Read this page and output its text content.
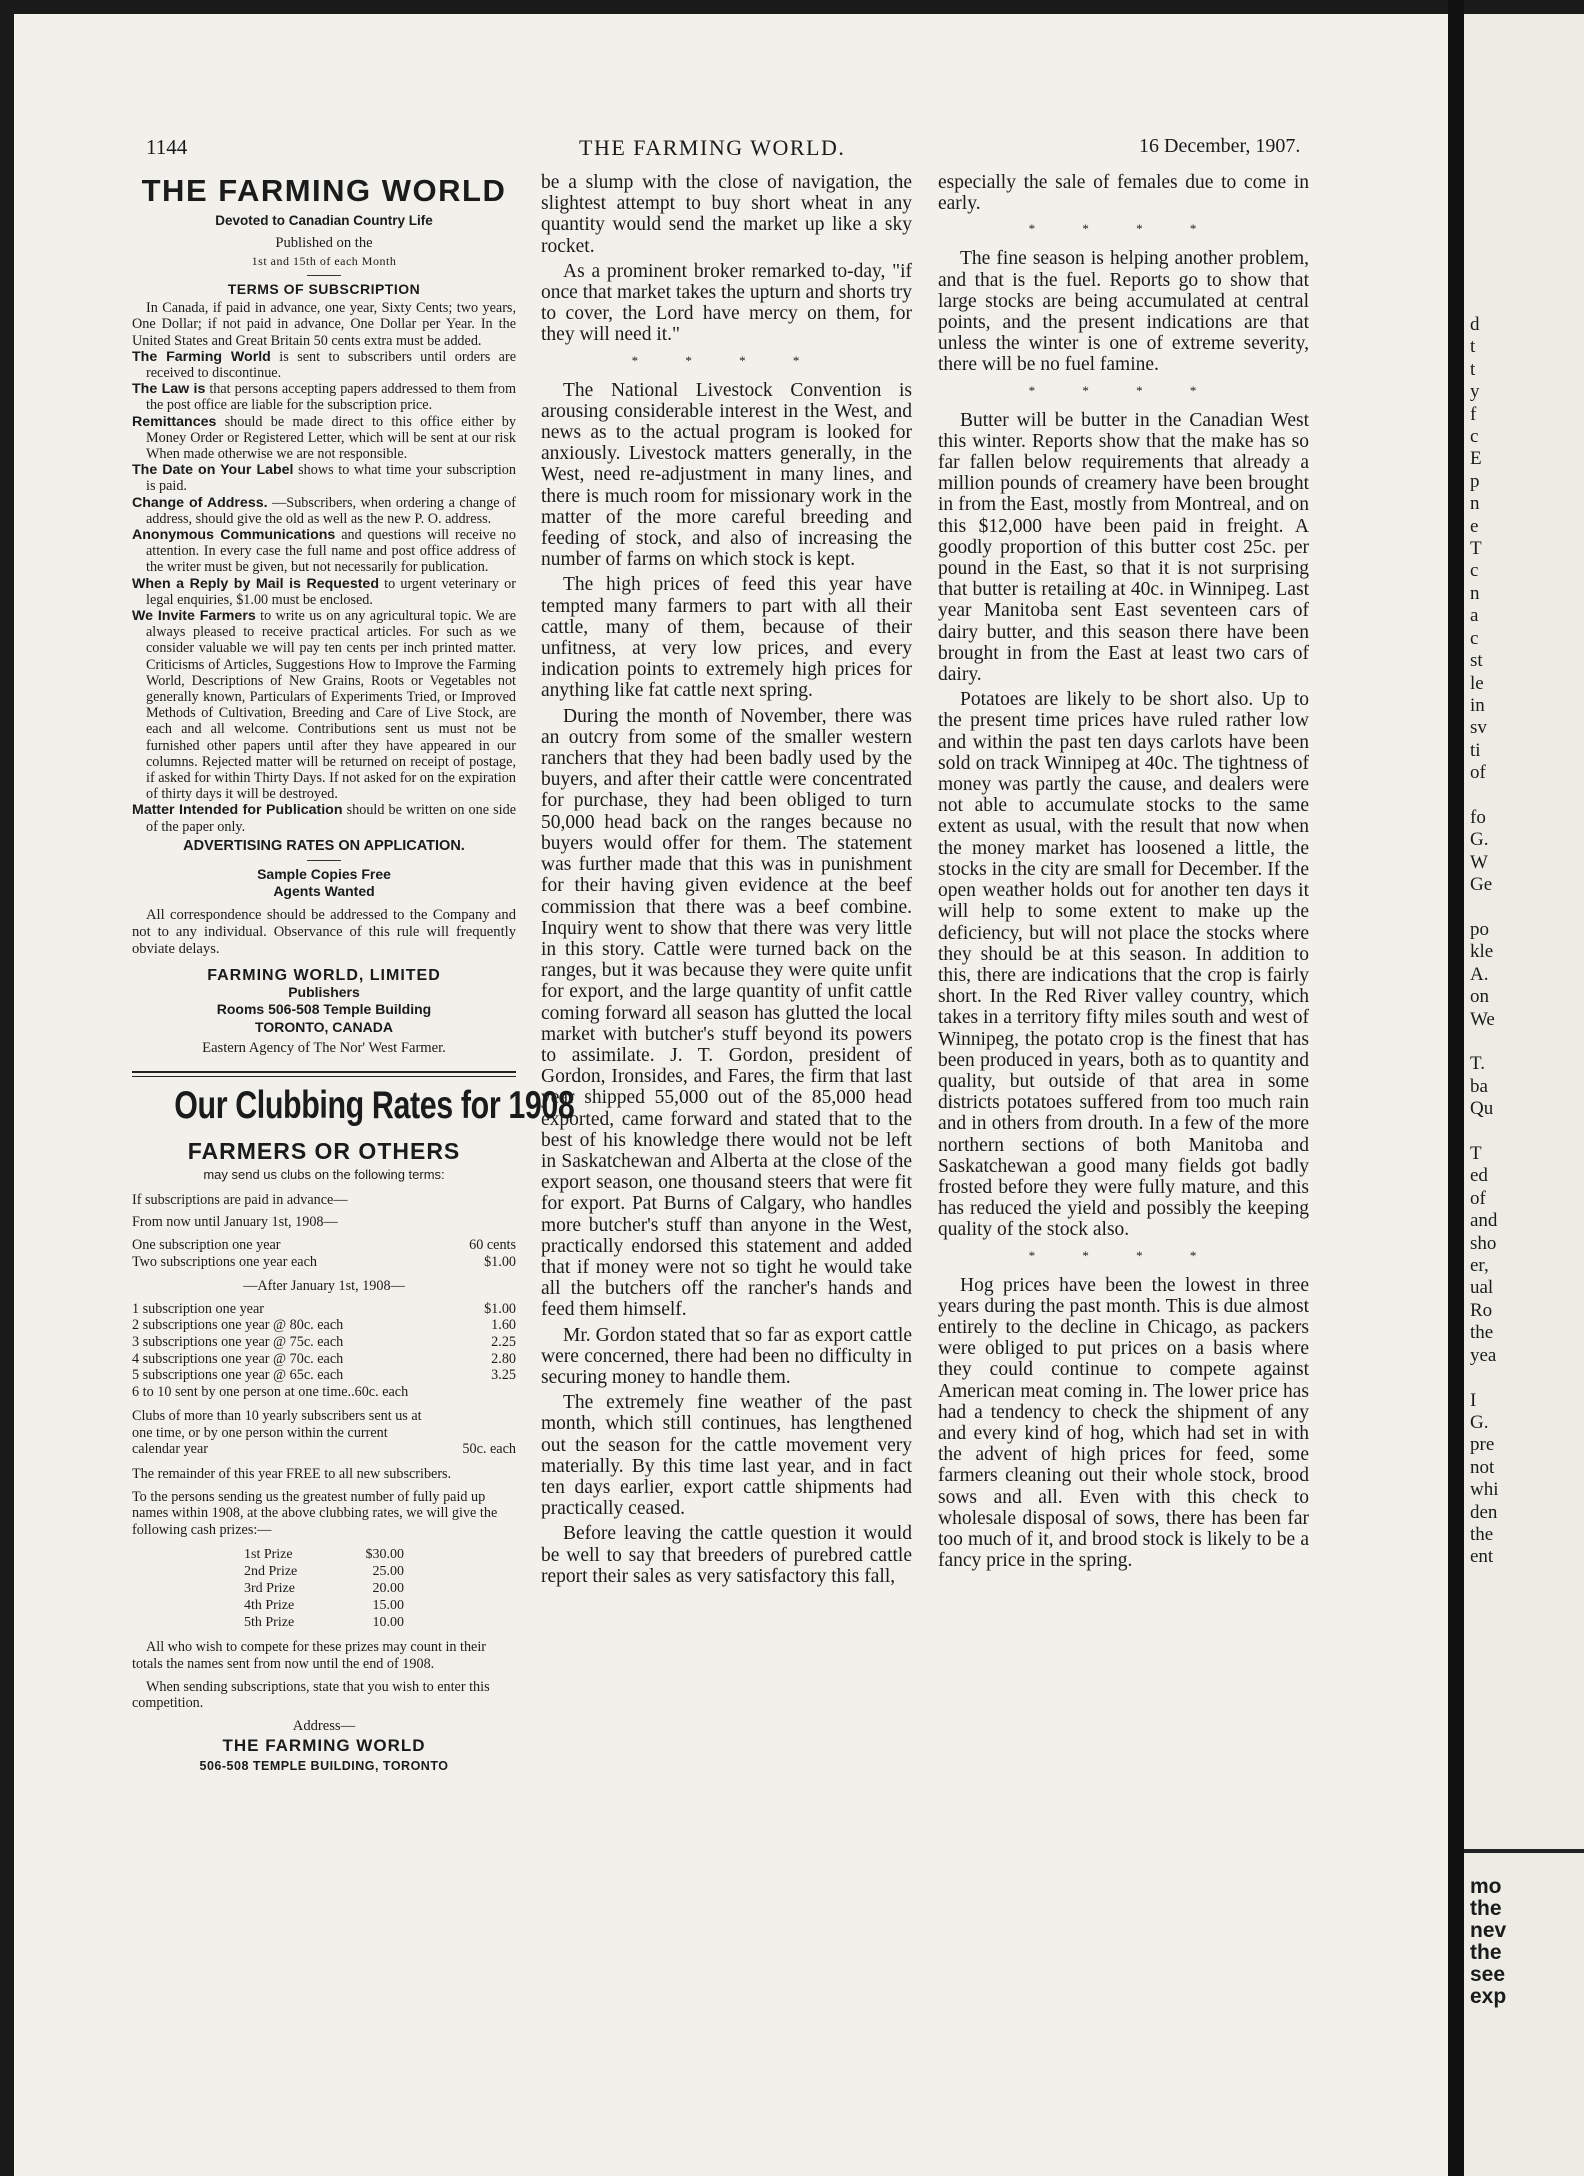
1144	THE FARMING WORLD.	16 December, 1907.
THE FARMING WORLD
Devoted to Canadian Country Life
Published on the
1st and 15th of each Month
TERMS OF SUBSCRIPTION

In Canada, if paid in advance, one year, Sixty Cents; two years, One Dollar; if not paid in advance, One Dollar per Year. In the United States and Great Britain 50 cents extra must be added.

The Farming World is sent to subscribers until orders are received to discontinue.

The Law is that persons accepting papers addressed to them from the post office are liable for the subscription price.

Remittances should be made direct to this office either by Money Order or Registered Letter, which will be sent at our risk When made otherwise we are not responsible.

The Date on Your Label shows to what time your subscription is paid.

Change of Address. —Subscribers, when ordering a change of address, should give the old as well as the new P. O. address.

Anonymous Communications and questions will receive no attention. In every case the full name and post office address of the writer must be given, but not necessarily for publication.

When a Reply by Mail is Requested to urgent veterinary or legal enquiries, $1.00 must be enclosed.

We Invite Farmers to write us on any agricultural topic. We are always pleased to receive practical articles. For such as we consider valuable we will pay ten cents per inch printed matter. Criticisms of Articles, Suggestions How to Improve the Farming World, Descriptions of New Grains, Roots or Vegetables not generally known, Particulars of Experiments Tried, or Improved Methods of Cultivation, Breeding and Care of Live Stock, are each and all welcome. Contributions sent us must not be furnished other papers until after they have appeared in our columns. Rejected matter will be returned on receipt of postage, if asked for within Thirty Days. If not asked for on the expiration of thirty days it will be destroyed.

Matter Intended for Publication should be written on one side of the paper only.

ADVERTISING RATES ON APPLICATION.
Sample Copies Free
Agents Wanted
All correspondence should be addressed to the Company and not to any individual. Observance of this rule will frequently obviate delays.
FARMING WORLD, LIMITED
Publishers
Rooms 506-508 Temple Building
TORONTO, CANADA
Eastern Agency of The Nor' West Farmer.
Our Clubbing Rates for 1908
FARMERS OR OTHERS
may send us clubs on the following terms:

If subscriptions are paid in advance—

From now until January 1st, 1908—

One subscription one year	60 cents
Two subscriptions one year each	$1.00

—After January 1st, 1908—

1 subscription one year	$1.00
2 subscriptions one year @ 80c. each	1.60
3 subscriptions one year @ 75c. each	2.25
4 subscriptions one year @ 70c. each	2.80
5 subscriptions one year @ 65c. each	3.25
6 to 10 sent by one person at one time..60c. each
Clubs of more than 10 yearly subscribers sent us at one time, or by one person within the current calendar year	50c. each

The remainder of this year FREE to all new subscribers.

To the persons sending us the greatest number of fully paid up names within 1908, at the above clubbing rates, we will give the following cash prizes:—

1st Prize	$30.00
2nd Prize	25.00
3rd Prize	20.00
4th Prize	15.00
5th Prize	10.00

All who wish to compete for these prizes may count in their totals the names sent from now until the end of 1908.

When sending subscriptions, state that you wish to enter this competition.

Address—
THE FARMING WORLD
506-508 TEMPLE BUILDING, TORONTO

be a slump with the close of navigation, the slightest attempt to buy short wheat in any quantity would send the market up like a sky rocket.

As a prominent broker remarked to-day, "if once that market takes the upturn and shorts try to cover, the Lord have mercy on them, for they will need it."

* * * *

The National Livestock Convention is arousing considerable interest in the West, and news as to the actual program is looked for anxiously. Livestock matters generally, in the West, need re-adjustment in many lines, and there is much room for missionary work in the matter of the more careful breeding and feeding of stock, and also of increasing the number of farms on which stock is kept.

The high prices of feed this year have tempted many farmers to part with all their cattle, many of them, because of their unfitness, at very low prices, and every indication points to extremely high prices for anything like fat cattle next spring.

During the month of November, there was an outcry from some of the smaller western ranchers that they had been badly used by the buyers, and after their cattle were concentrated for purchase, they had been obliged to turn 50,000 head back on the ranges because no buyers would offer for them. The statement was further made that this was in punishment for their having given evidence at the beef commission that there was a beef combine. Inquiry went to show that there was very little in this story. Cattle were turned back on the ranges, but it was because they were quite unfit for export, and the large quantity of unfit cattle coming forward all season has glutted the local market with butcher's stuff beyond its powers to assimilate. J. T. Gordon, president of Gordon, Ironsides, and Fares, the firm that last year shipped 55,000 out of the 85,000 head exported, came forward and stated that to the best of his knowledge there would not be left in Saskatchewan and Alberta at the close of the export season, one thousand steers that were fit for export. Pat Burns of Calgary, who handles more butcher's stuff than anyone in the West, practically endorsed this statement and added that if money were not so tight he would take all the butchers off the rancher's hands and feed them himself.

Mr. Gordon stated that so far as export cattle were concerned, there had been no difficulty in securing money to handle them.

The extremely fine weather of the past month, which still continues, has lengthened out the season for the cattle movement very materially. By this time last year, and in fact ten days earlier, export cattle shipments had practically ceased.

Before leaving the cattle question it would be well to say that breeders of purebred cattle report their sales as very satisfactory this fall,

especially the sale of females due to come in early.

* * * *

The fine season is helping another problem, and that is the fuel. Reports go to show that large stocks are being accumulated at central points, and the present indications are that unless the winter is one of extreme severity, there will be no fuel famine.

* * * *

Butter will be butter in the Canadian West this winter. Reports show that the make has so far fallen below requirements that already a million pounds of creamery have been brought in from the East, mostly from Montreal, and on this $12,000 have been paid in freight. A goodly proportion of this butter cost 25c. per pound in the East, so that it is not surprising that butter is retailing at 40c. in Winnipeg. Last year Manitoba sent East seventeen cars of dairy butter, and this season there have been brought in from the East at least two cars of dairy.

Potatoes are likely to be short also. Up to the present time prices have ruled rather low and within the past ten days carlots have been sold on track Winnipeg at 40c. The tightness of money was partly the cause, and dealers were not able to accumulate stocks to the same extent as usual, with the result that now when the money market has loosened a little, the stocks in the city are small for December. If the open weather holds out for another ten days it will help to some extent to make up the deficiency, but will not place the stocks where they should be at this season. In addition to this, there are indications that the crop is fairly short. In the Red River valley country, which takes in a territory fifty miles south and west of Winnipeg, the potato crop is the finest that has been produced in years, both as to quantity and quality, but outside of that area in some districts potatoes suffered from too much rain and in others from drouth. In a few of the more northern sections of both Manitoba and Saskatchewan a good many fields got badly frosted before they were fully mature, and this has reduced the yield and possibly the keeping quality of the stock also.

* * * *

Hog prices have been the lowest in three years during the past month. This is due almost entirely to the decline in Chicago, as packers were obliged to put prices on a basis where they could continue to compete against American meat coming in. The lower price has had a tendency to check the shipment of any and every kind of hog, which had set in with the advent of high prices for feed, some farmers cleaning out their whole stock, brood sows and all. Even with this check to wholesale disposal of sows, there has been far too much of it, and brood stock is likely to be a fancy price in the spring.

d
t
t
y
f
c
E
p
n
e
T
c
n
a
c
st
le
in
sv
ti
of

fo
G.
W
Ge

po
kle
A.
on
We

T.
ba
Qu

T
ed
of
and
sho
er,
ual
Ro
the
yea

I
G.
pre
not
whi
den
the
ent
mo
the
nev
the
see
exp
